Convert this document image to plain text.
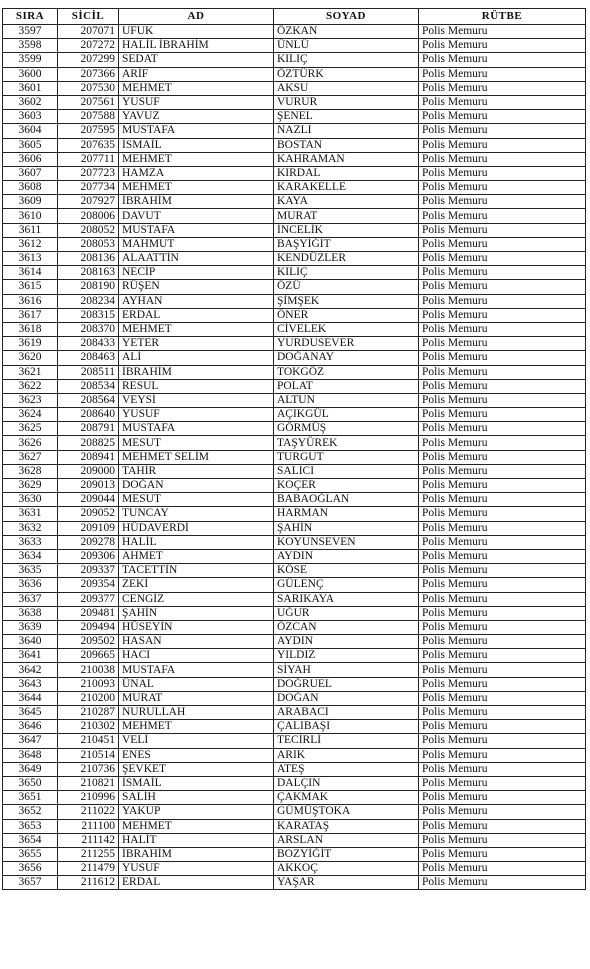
SIRA	SİCİL	AD	SOYAD	RÜTBE
3597	207071	UFUK	ÖZKAN	Polis Memuru
3598	207272	HALİL İBRAHİM	ÜNLÜ	Polis Memuru
3599	207299	SEDAT	KILIÇ	Polis Memuru
3600	207366	ARİF	ÖZTÜRK	Polis Memuru
3601	207530	MEHMET	AKSU	Polis Memuru
3602	207561	YUSUF	VURUR	Polis Memuru
3603	207588	YAVUZ	ŞENEL	Polis Memuru
3604	207595	MUSTAFA	NAZLI	Polis Memuru
3605	207635	İSMAİL	BOSTAN	Polis Memuru
3606	207711	MEHMET	KAHRAMAN	Polis Memuru
3607	207723	HAMZA	KIRDAL	Polis Memuru
3608	207734	MEHMET	KARAKELLE	Polis Memuru
3609	207927	İBRAHİM	KAYA	Polis Memuru
3610	208006	DAVUT	MURAT	Polis Memuru
3611	208052	MUSTAFA	İNCELİK	Polis Memuru
3612	208053	MAHMUT	BAŞYİĞİT	Polis Memuru
3613	208136	ALAATTİN	KENDÜZLER	Polis Memuru
3614	208163	NECİP	KILIÇ	Polis Memuru
3615	208190	RÜŞEN	ÖZÜ	Polis Memuru
3616	208234	AYHAN	ŞİMŞEK	Polis Memuru
3617	208315	ERDAL	ÖNER	Polis Memuru
3618	208370	MEHMET	CİVELEK	Polis Memuru
3619	208433	YETER	YURDUSEVER	Polis Memuru
3620	208463	ALİ	DOĞANAY	Polis Memuru
3621	208511	İBRAHİM	TOKGÖZ	Polis Memuru
3622	208534	RESUL	POLAT	Polis Memuru
3623	208564	VEYSİ	ALTUN	Polis Memuru
3624	208640	YUSUF	AÇIKGÜL	Polis Memuru
3625	208791	MUSTAFA	GÖRMÜŞ	Polis Memuru
3626	208825	MESUT	TAŞYÜREK	Polis Memuru
3627	208941	MEHMET SELİM	TURGUT	Polis Memuru
3628	209000	TAHİR	SALICI	Polis Memuru
3629	209013	DOĞAN	KOÇER	Polis Memuru
3630	209044	MESUT	BABAOĞLAN	Polis Memuru
3631	209052	TUNCAY	HARMAN	Polis Memuru
3632	209109	HÜDAVERDİ	ŞAHİN	Polis Memuru
3633	209278	HALİL	KOYUNSEVEN	Polis Memuru
3634	209306	AHMET	AYDIN	Polis Memuru
3635	209337	TACETTİN	KÖSE	Polis Memuru
3636	209354	ZEKİ	GÜLENÇ	Polis Memuru
3637	209377	CENGİZ	SARIKAYA	Polis Memuru
3638	209481	ŞAHİN	UĞUR	Polis Memuru
3639	209494	HÜSEYİN	ÖZCAN	Polis Memuru
3640	209502	HASAN	AYDIN	Polis Memuru
3641	209665	HACI	YILDIZ	Polis Memuru
3642	210038	MUSTAFA	SİYAH	Polis Memuru
3643	210093	ÜNAL	DOĞRUEL	Polis Memuru
3644	210200	MURAT	DOĞAN	Polis Memuru
3645	210287	NURULLAH	ARABACI	Polis Memuru
3646	210302	MEHMET	ÇALIBAŞI	Polis Memuru
3647	210451	VELİ	TECİRLİ	Polis Memuru
3648	210514	ENES	ARIK	Polis Memuru
3649	210736	ŞEVKET	ATEŞ	Polis Memuru
3650	210821	İSMAİL	DALÇIN	Polis Memuru
3651	210996	SALİH	ÇAKMAK	Polis Memuru
3652	211022	YAKUP	GÜMÜŞTOKA	Polis Memuru
3653	211100	MEHMET	KARATAŞ	Polis Memuru
3654	211142	HALİT	ARSLAN	Polis Memuru
3655	211255	İBRAHİM	BOZYİĞİT	Polis Memuru
3656	211479	YUSUF	AKKOÇ	Polis Memuru
3657	211612	ERDAL	YAŞAR	Polis Memuru
